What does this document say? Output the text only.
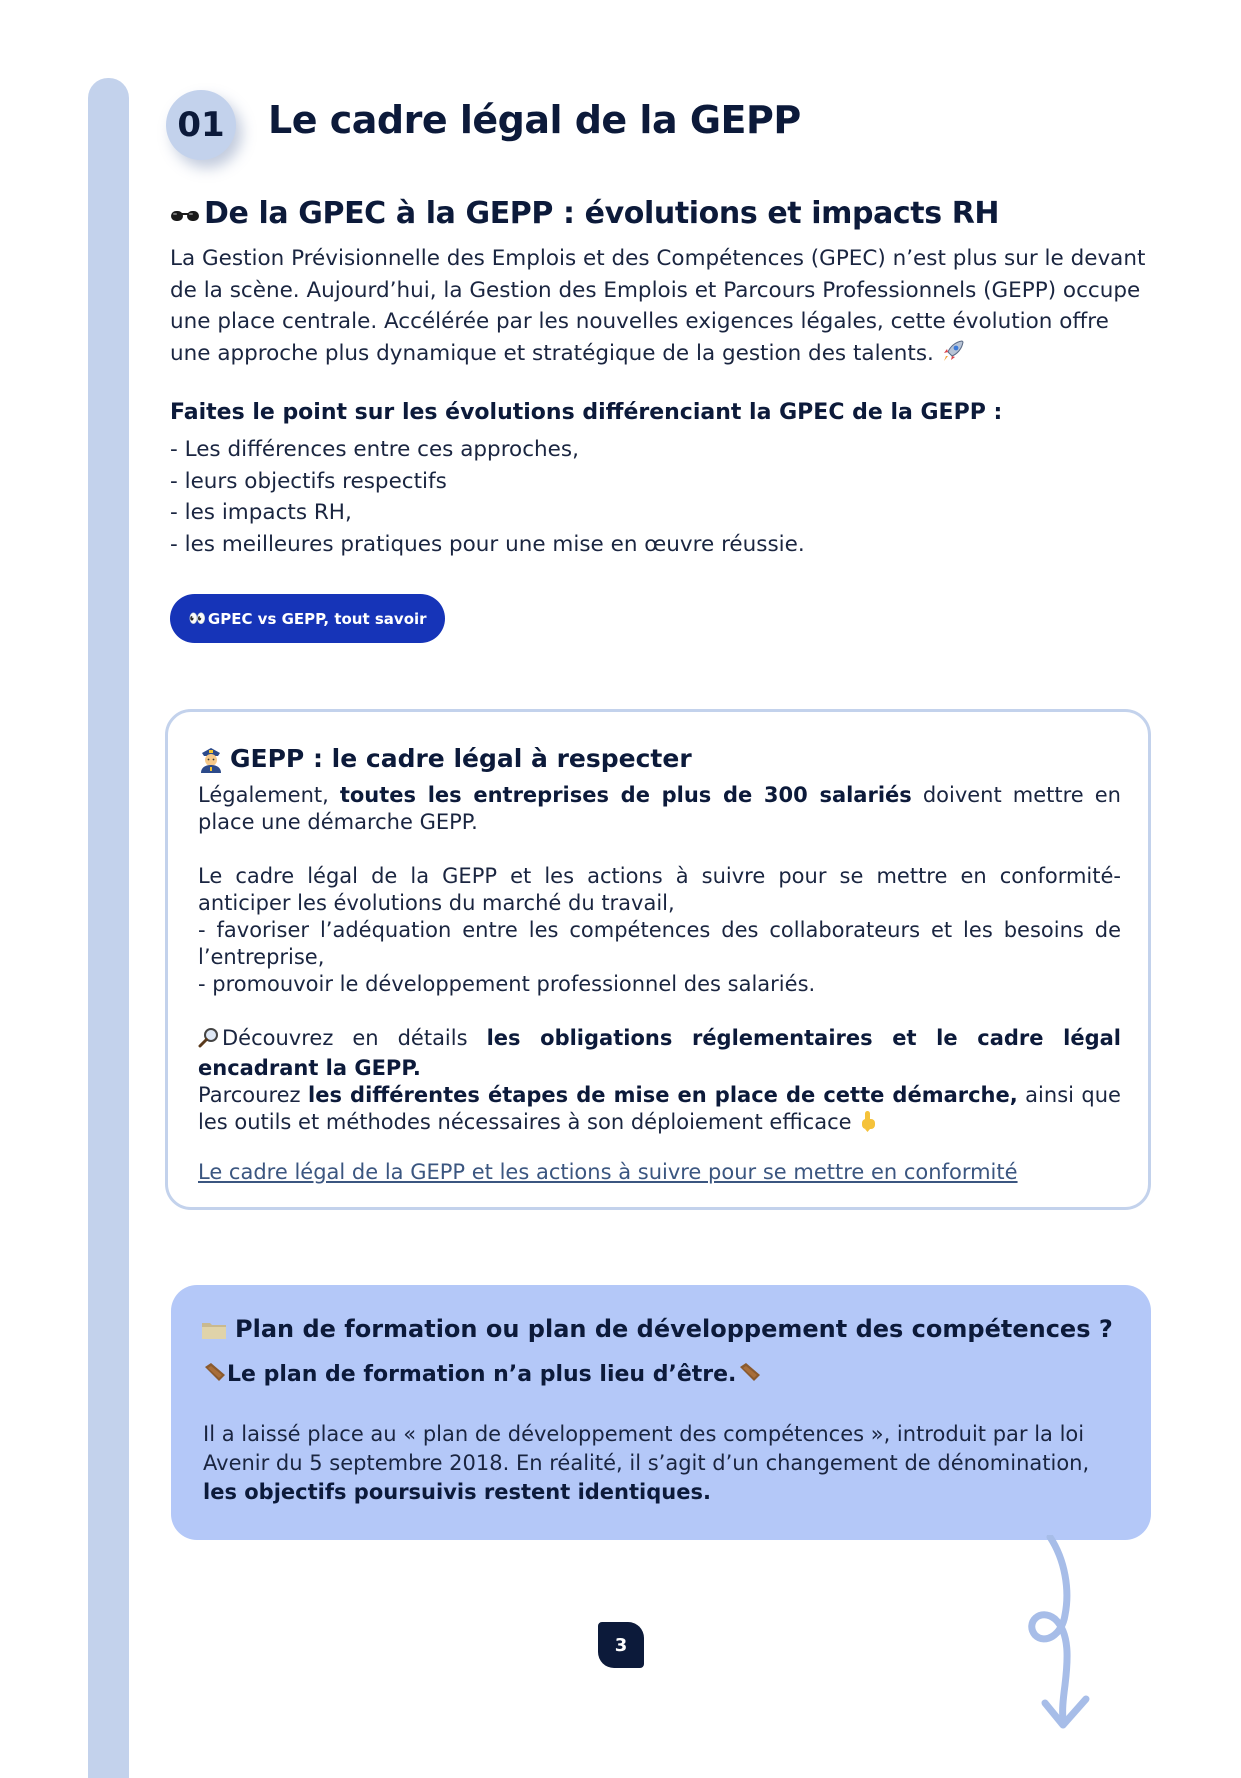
01 Le cadre légal de la GEPP
De la GPEC à la GEPP : évolutions et impacts RH

La Gestion Prévisionnelle des Emplois et des Compétences (GPEC) n’est plus sur le devant de la scène. Aujourd’hui, la Gestion des Emplois et Parcours Professionnels (GEPP) occupe une place centrale. Accélérée par les nouvelles exigences légales, cette évolution offre une approche plus dynamique et stratégique de la gestion des talents.

Faites le point sur les évolutions différenciant la GPEC de la GEPP :
- Les différences entre ces approches,
- leurs objectifs respectifs
- les impacts RH,
- les meilleures pratiques pour une mise en œuvre réussie.
👀 GPEC vs GEPP, tout savoir
GEPP : le cadre légal à respecter

Légalement, toutes les entreprises de plus de 300 salariés doivent mettre en place une démarche GEPP.

Le cadre légal de la GEPP et les actions à suivre pour se mettre en conformité- anticiper les évolutions du marché du travail,
- favoriser l’adéquation entre les compétences des collaborateurs et les besoins de l’entreprise,
- promouvoir le développement professionnel des salariés.

Découvrez en détails les obligations réglementaires et le cadre légal encadrant la GEPP.
Parcourez les différentes étapes de mise en place de cette démarche, ainsi que les outils et méthodes nécessaires à son déploiement efficace

Le cadre légal de la GEPP et les actions à suivre pour se mettre en conformité
Plan de formation ou plan de développement des compétences ?
Le plan de formation n’a plus lieu d’être.

Il a laissé place au « plan de développement des compétences », introduit par la loi Avenir du 5 septembre 2018. En réalité, il s’agit d’un changement de dénomination, les objectifs poursuivis restent identiques.

3
